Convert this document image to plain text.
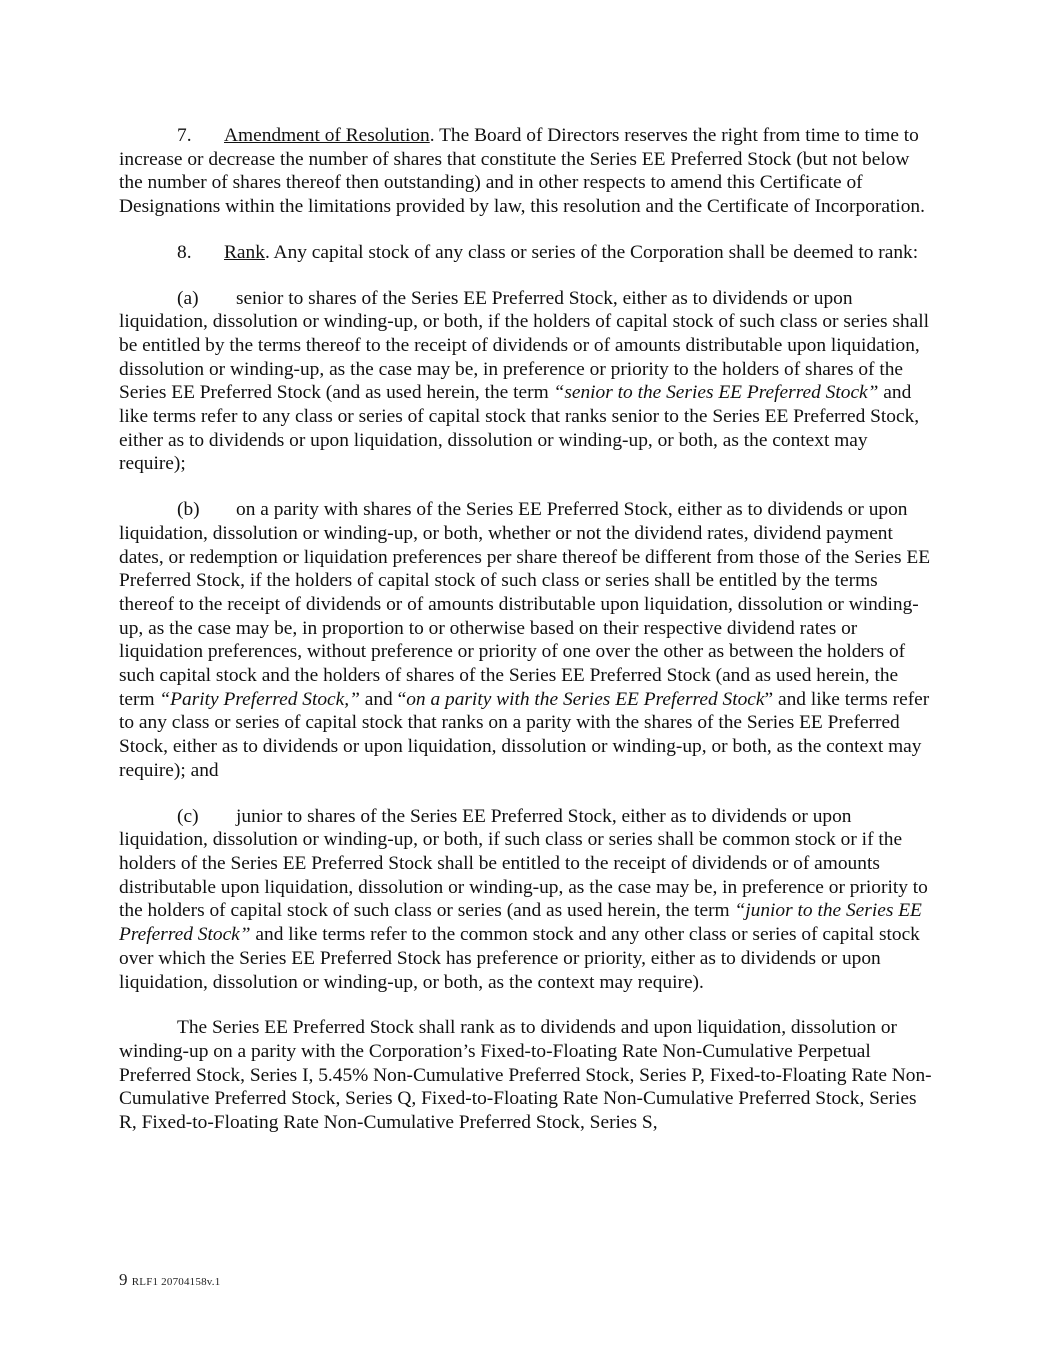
7. Amendment of Resolution. The Board of Directors reserves the right from time to time to increase or decrease the number of shares that constitute the Series EE Preferred Stock (but not below the number of shares thereof then outstanding) and in other respects to amend this Certificate of Designations within the limitations provided by law, this resolution and the Certificate of Incorporation.

8. Rank. Any capital stock of any class or series of the Corporation shall be deemed to rank:

(a) senior to shares of the Series EE Preferred Stock, either as to dividends or upon liquidation, dissolution or winding-up, or both, if the holders of capital stock of such class or series shall be entitled by the terms thereof to the receipt of dividends or of amounts distributable upon liquidation, dissolution or winding-up, as the case may be, in preference or priority to the holders of shares of the Series EE Preferred Stock (and as used herein, the term “senior to the Series EE Preferred Stock” and like terms refer to any class or series of capital stock that ranks senior to the Series EE Preferred Stock, either as to dividends or upon liquidation, dissolution or winding-up, or both, as the context may require);

(b) on a parity with shares of the Series EE Preferred Stock, either as to dividends or upon liquidation, dissolution or winding-up, or both, whether or not the dividend rates, dividend payment dates, or redemption or liquidation preferences per share thereof be different from those of the Series EE Preferred Stock, if the holders of capital stock of such class or series shall be entitled by the terms thereof to the receipt of dividends or of amounts distributable upon liquidation, dissolution or winding-up, as the case may be, in proportion to or otherwise based on their respective dividend rates or liquidation preferences, without preference or priority of one over the other as between the holders of such capital stock and the holders of shares of the Series EE Preferred Stock (and as used herein, the term “Parity Preferred Stock,” and “on a parity with the Series EE Preferred Stock” and like terms refer to any class or series of capital stock that ranks on a parity with the shares of the Series EE Preferred Stock, either as to dividends or upon liquidation, dissolution or winding-up, or both, as the context may require); and

(c) junior to shares of the Series EE Preferred Stock, either as to dividends or upon liquidation, dissolution or winding-up, or both, if such class or series shall be common stock or if the holders of the Series EE Preferred Stock shall be entitled to the receipt of dividends or of amounts distributable upon liquidation, dissolution or winding-up, as the case may be, in preference or priority to the holders of capital stock of such class or series (and as used herein, the term “junior to the Series EE Preferred Stock” and like terms refer to the common stock and any other class or series of capital stock over which the Series EE Preferred Stock has preference or priority, either as to dividends or upon liquidation, dissolution or winding-up, or both, as the context may require).

The Series EE Preferred Stock shall rank as to dividends and upon liquidation, dissolution or winding-up on a parity with the Corporation’s Fixed-to-Floating Rate Non-Cumulative Perpetual Preferred Stock, Series I, 5.45% Non-Cumulative Preferred Stock, Series P, Fixed-to-Floating Rate Non-Cumulative Preferred Stock, Series Q, Fixed-to-Floating Rate Non-Cumulative Preferred Stock, Series R, Fixed-to-Floating Rate Non-Cumulative Preferred Stock, Series S,

9 RLF1 20704158v.1
